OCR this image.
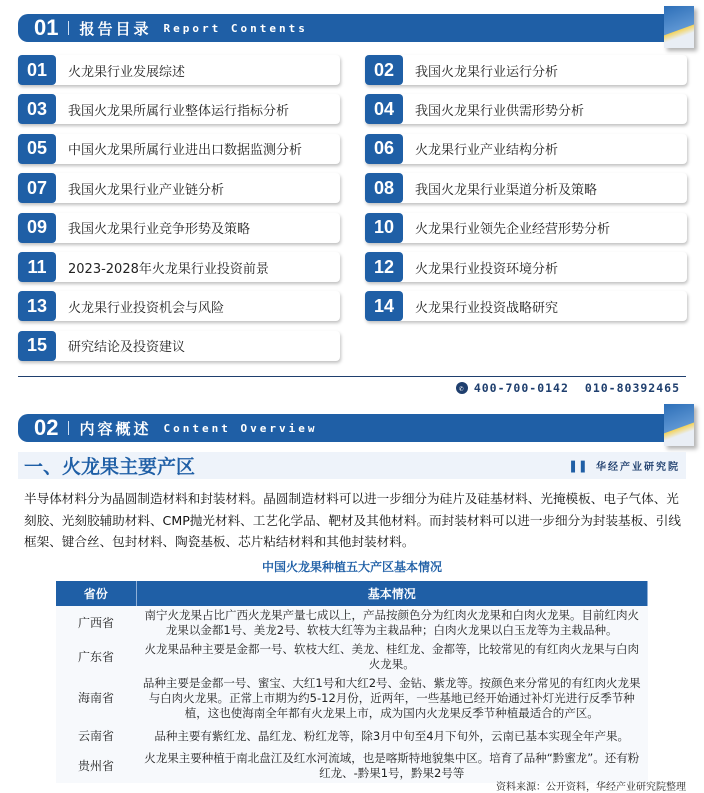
01 报告目录 Report Contents
01	火龙果行业发展综述	02	我国火龙果行业运行分析
03	我国火龙果所属行业整体运行指标分析	04	我国火龙果行业供需形势分析
05	中国火龙果所属行业进出口数据监测分析	06	火龙果行业产业结构分析
07	我国火龙果行业产业链分析	08	我国火龙果行业渠道分析及策略
09	我国火龙果行业竞争形势及策略	10	火龙果行业领先企业经营形势分析
11	2023-2028年火龙果行业投资前景	12	火龙果行业投资环境分析
13	火龙果行业投资机会与风险	14	火龙果行业投资战略研究
15	研究结论及投资建议
✆ 400-700-0142 010-80392465
02 内容概述 Content Overview
一、火龙果主要产区	▌▌ 华经产业研究院
半导体材料分为晶圆制造材料和封装材料。晶圆制造材料可以进一步细分为硅片及硅基材料、光掩模板、电子气体、光刻胶、光刻胶辅助材料、CMP抛光材料、工艺化学品、靶材及其他材料。而封装材料可以进一步细分为封装基板、引线框架、键合丝、包封材料、陶瓷基板、芯片粘结材料和其他封装材料。
中国火龙果种植五大产区基本情况
省份	基本情况
广西省	南宁火龙果占比广西火龙果产量七成以上，产品按颜色分为红肉火龙果和白肉火龙果。目前红肉火龙果以金都1号、美龙2号、软枝大红等为主栽品种；白肉火龙果以白玉龙等为主栽品种。
广东省	火龙果品种主要是金都一号、软枝大红、美龙、桂红龙、金都等，比较常见的有红肉火龙果与白肉火龙果。
海南省	品种主要是金都一号、蜜宝、大红1号和大红2号、金钻、紫龙等。按颜色来分常见的有红肉火龙果与白肉火龙果。正常上市期为约5-12月份，近两年，一些基地已经开始通过补灯光进行反季节种植，这也使海南全年都有火龙果上市，成为国内火龙果反季节种植最适合的产区。
云南省	品种主要有紫红龙、晶红龙、粉红龙等，除3月中旬至4月下旬外，云南已基本实现全年产果。
贵州省	火龙果主要种植于南北盘江及红水河流域，也是喀斯特地貌集中区。培育了品种“黔蜜龙”。还有粉红龙、-黔果1号，黔果2号等
资料来源：公开资料，华经产业研究院整理
